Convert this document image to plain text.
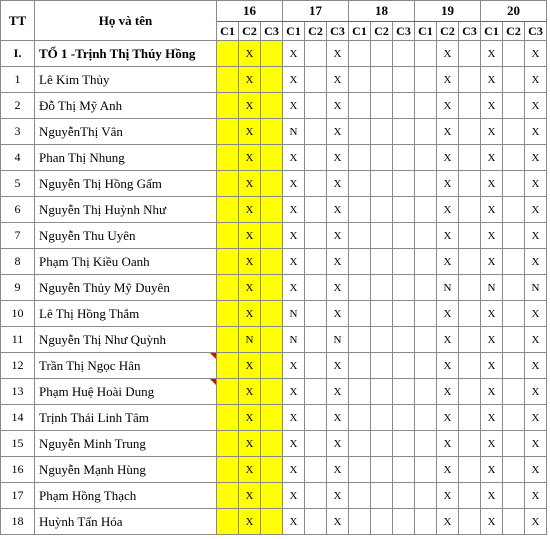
TT	Họ và tên	16			17			18			19			20		
		C1	C2	C3	C1	C2	C3	C1	C2	C3	C1	C2	C3	C1	C2	C3
I.	TỔ 1 -Trịnh Thị Thúy Hồng		X		X		X					X		X		X
1	Lê Kim Thủy		X		X		X					X		X		X
2	Đỗ Thị Mỹ Anh		X		X		X					X		X		X
3	NguyễnThị Vân		X		N		X					X		X		X
4	Phan Thị Nhung		X		X		X					X		X		X
5	Nguyễn Thị Hồng Gấm		X		X		X					X		X		X
6	Nguyễn Thị Huỳnh Như		X		X		X					X		X		X
7	Nguyễn Thu Uyên		X		X		X					X		X		X
8	Phạm Thị Kiều Oanh		X		X		X					X		X		X
9	Nguyễn Thủy Mỹ Duyên		X		X		X					N		N		N
10	Lê Thị Hồng Thắm		X		N		X					X		X		X
11	Nguyễn Thị Như Quỳnh		N		N		N					X		X		X
12	Trần Thị Ngọc Hân		X		X		X					X		X		X
13	Phạm Huệ Hoài Dung		X		X		X					X		X		X
14	Trịnh Thái Linh Tâm		X		X		X					X		X		X
15	Nguyễn Minh Trung		X		X		X					X		X		X
16	Nguyễn Mạnh Hùng		X		X		X					X		X		X
17	Phạm Hồng Thạch		X		X		X					X		X		X
18	Huỳnh Tấn Hóa		X		X		X					X		X		X
